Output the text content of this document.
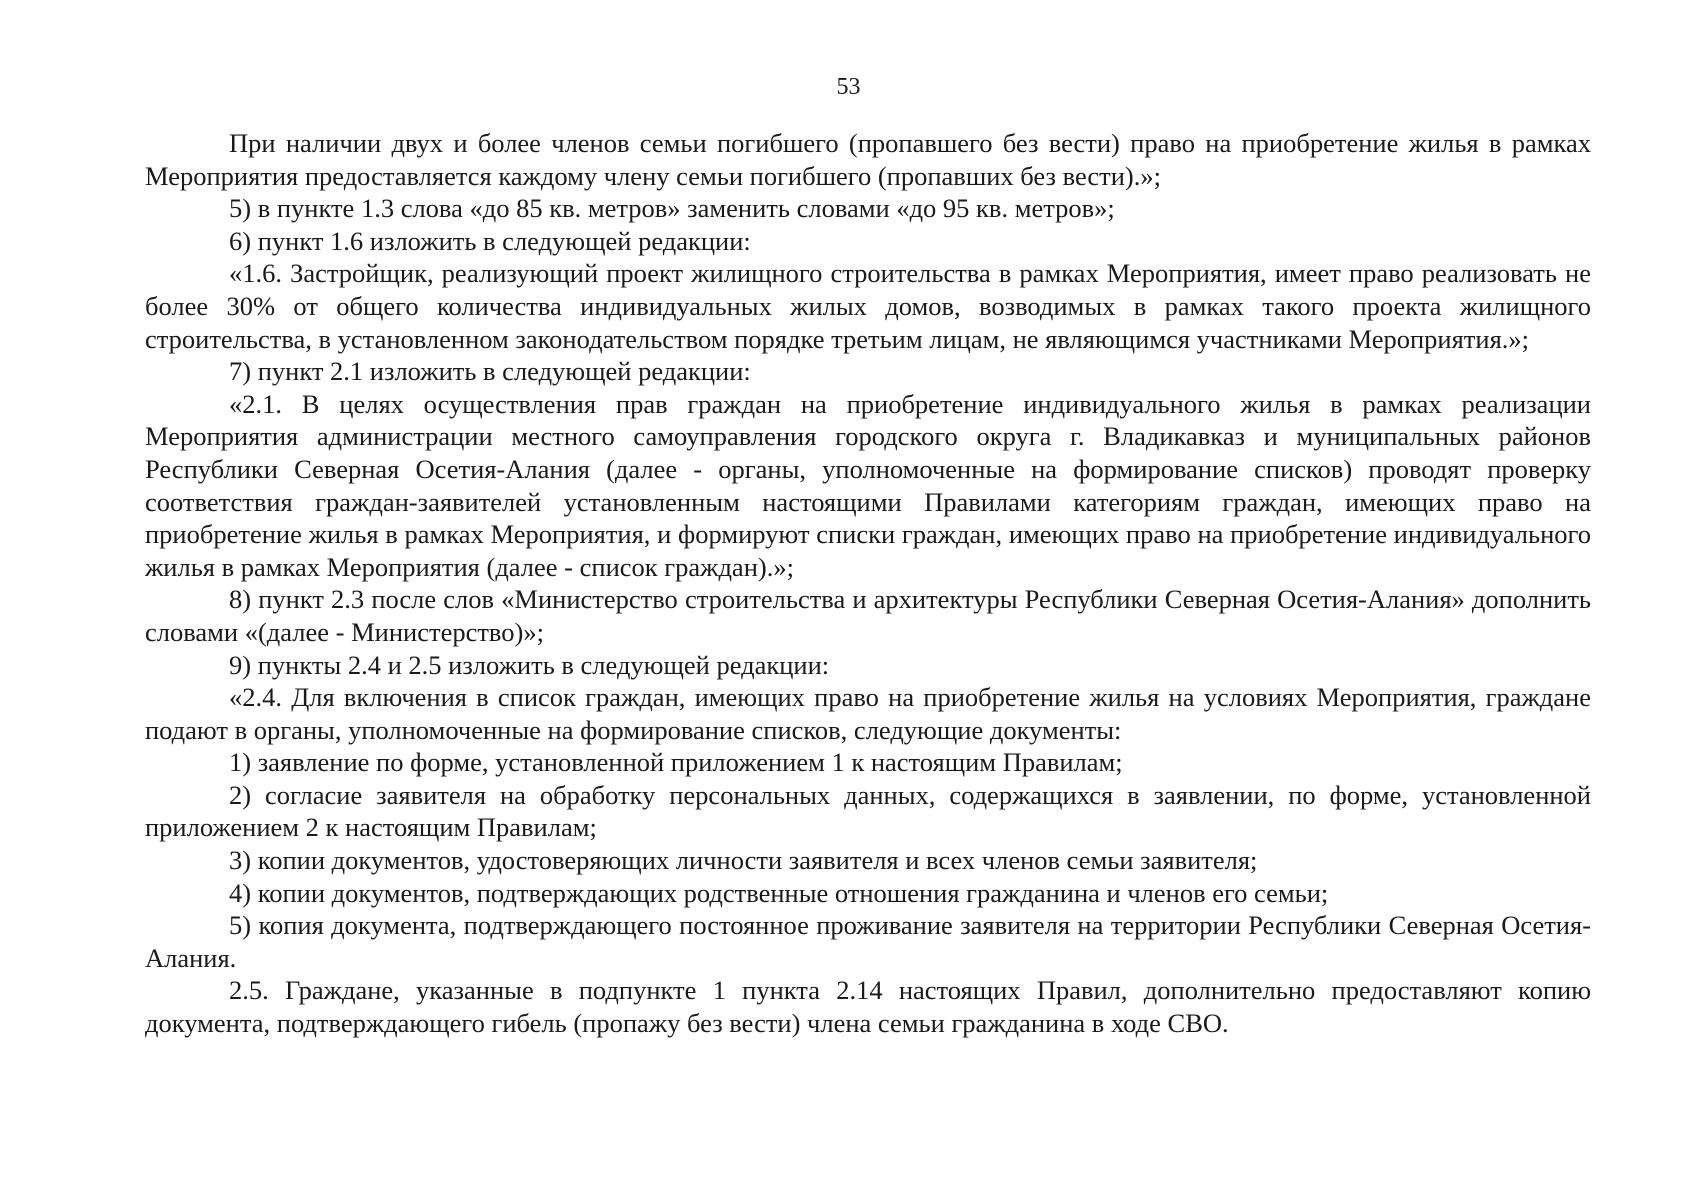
53

При наличии двух и более членов семьи погибшего (пропавшего без вести) право на приобретение жилья в рамках Мероприятия предоставляется каждому члену семьи погибшего (пропавших без вести).»;

5) в пункте 1.3 слова «до 85 кв. метров» заменить словами «до 95 кв. метров»;

6) пункт 1.6 изложить в следующей редакции:

«1.6. Застройщик, реализующий проект жилищного строительства в рамках Мероприятия, имеет право реализовать не более 30% от общего количества индивидуальных жилых домов, возводимых в рамках такого проекта жилищного строительства, в установленном законодательством порядке третьим лицам, не являющимся участниками Мероприятия.»;

7) пункт 2.1 изложить в следующей редакции:

«2.1. В целях осуществления прав граждан на приобретение индивидуального жилья в рамках реализации Мероприятия администрации местного самоуправления городского округа г. Владикавказ и муниципальных районов Республики Северная Осетия-Алания (далее - органы, уполномоченные на формирование списков) проводят проверку соответствия граждан-заявителей установленным настоящими Правилами категориям граждан, имеющих право на приобретение жилья в рамках Мероприятия, и формируют списки граждан, имеющих право на приобретение индивидуального жилья в рамках Мероприятия (далее - список граждан).»;

8) пункт 2.3 после слов «Министерство строительства и архитектуры Республики Северная Осетия-Алания» дополнить словами «(далее - Министерство)»;

9) пункты 2.4 и 2.5 изложить в следующей редакции:

«2.4. Для включения в список граждан, имеющих право на приобретение жилья на условиях Мероприятия, граждане подают в органы, уполномоченные на формирование списков, следующие документы:

1) заявление по форме, установленной приложением 1 к настоящим Правилам;

2) согласие заявителя на обработку персональных данных, содержащихся в заявлении, по форме, установленной приложением 2 к настоящим Правилам;

3) копии документов, удостоверяющих личности заявителя и всех членов семьи заявителя;

4) копии документов, подтверждающих родственные отношения гражданина и членов его семьи;

5) копия документа, подтверждающего постоянное проживание заявителя на территории Республики Северная Осетия-Алания.

2.5. Граждане, указанные в подпункте 1 пункта 2.14 настоящих Правил, дополнительно предоставляют копию документа, подтверждающего гибель (пропажу без вести) члена семьи гражданина в ходе СВО.
